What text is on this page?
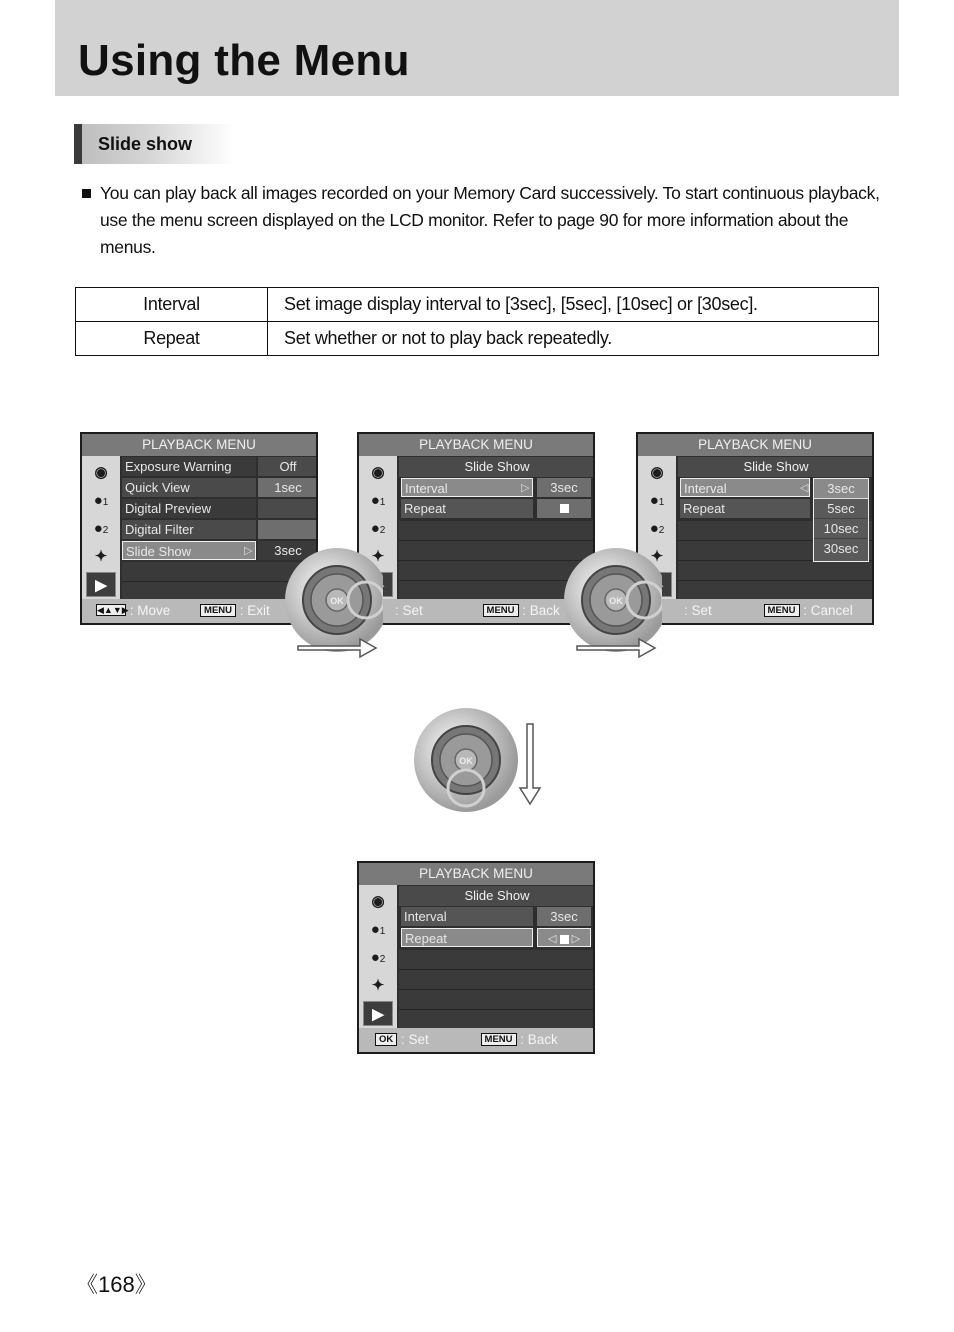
Using the Menu
Slide show
You can play back all images recorded on your Memory Card successively. To start continuous playback, use the menu screen displayed on the LCD monitor. Refer to page 90 for more information about the menus.
Interval	Set image display interval to [3sec], [5sec], [10sec] or [30sec].
Repeat	Set whether or not to play back repeatedly.
PLAYBACK MENU
◉
●1
●2
✦
▶
Exposure Warning	Off
Quick View	1sec
Digital Preview
Digital Filter
Slide Show	3sec
▷
◀▲▼▶ : Move	MENU : Exit
PLAYBACK MENU
◉
●1
●2
✦
Slide Show
Interval	▷	3sec
Repeat
: Set	MENU : Back
PLAYBACK MENU
◉
●1
●2
✦
Slide Show
Interval	◁
Repeat
3sec
5sec
10sec
30sec
: Set	MENU : Cancel
OK	OK
OK
PLAYBACK MENU
◉
●1
●2
✦
▶
Slide Show
Interval	3sec
Repeat	◁ ▷
OK : Set	MENU : Back
《168》
